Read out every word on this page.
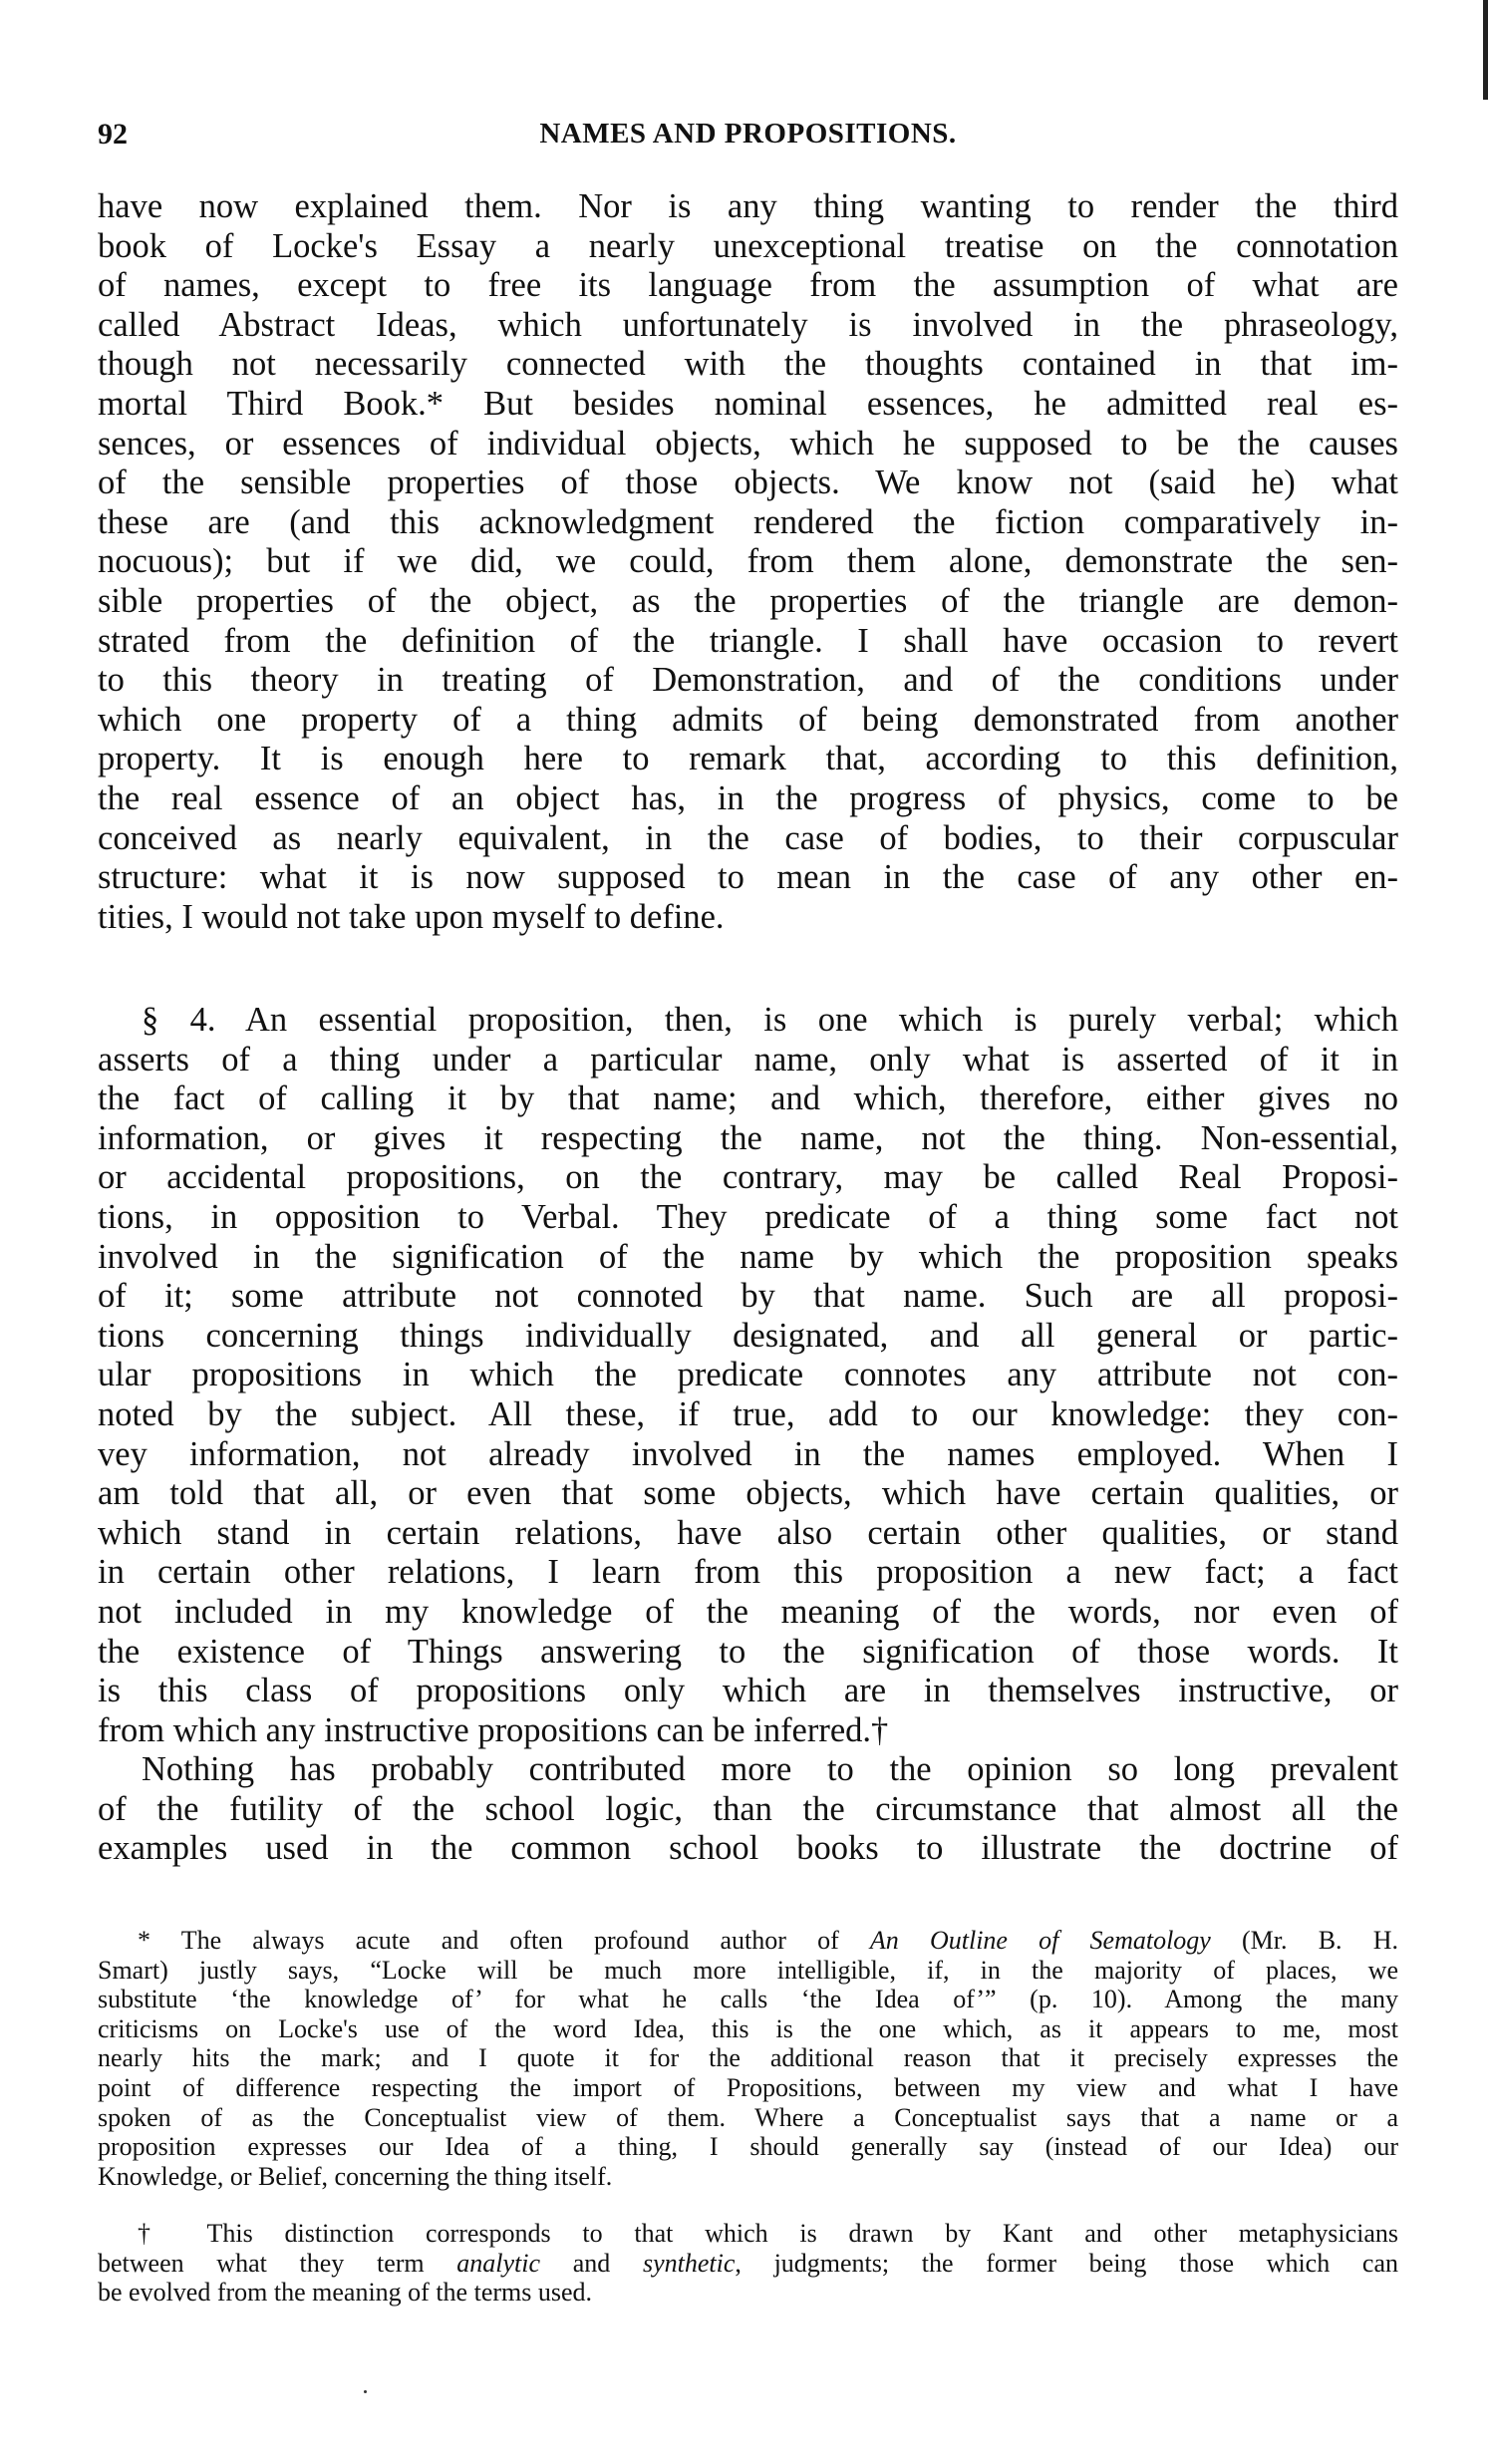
92	NAMES AND PROPOSITIONS.
have now explained them. Nor is any thing wanting to render the third
book of Locke's Essay a nearly unexceptional treatise on the connotation
of names, except to free its language from the assumption of what are
called Abstract Ideas, which unfortunately is involved in the phraseology,
though not necessarily connected with the thoughts contained in that im-
mortal Third Book.* But besides nominal essences, he admitted real es-
sences, or essences of individual objects, which he supposed to be the causes
of the sensible properties of those objects. We know not (said he) what
these are (and this acknowledgment rendered the fiction comparatively in-
nocuous); but if we did, we could, from them alone, demonstrate the sen-
sible properties of the object, as the properties of the triangle are demon-
strated from the definition of the triangle. I shall have occasion to revert
to this theory in treating of Demonstration, and of the conditions under
which one property of a thing admits of being demonstrated from another
property. It is enough here to remark that, according to this definition,
the real essence of an object has, in the progress of physics, come to be
conceived as nearly equivalent, in the case of bodies, to their corpuscular
structure: what it is now supposed to mean in the case of any other en-
tities, I would not take upon myself to define.
§ 4. An essential proposition, then, is one which is purely verbal; which
asserts of a thing under a particular name, only what is asserted of it in
the fact of calling it by that name; and which, therefore, either gives no
information, or gives it respecting the name, not the thing. Non-essential,
or accidental propositions, on the contrary, may be called Real Proposi-
tions, in opposition to Verbal. They predicate of a thing some fact not
involved in the signification of the name by which the proposition speaks
of it; some attribute not connoted by that name. Such are all proposi-
tions concerning things individually designated, and all general or partic-
ular propositions in which the predicate connotes any attribute not con-
noted by the subject. All these, if true, add to our knowledge: they con-
vey information, not already involved in the names employed. When I
am told that all, or even that some objects, which have certain qualities, or
which stand in certain relations, have also certain other qualities, or stand
in certain other relations, I learn from this proposition a new fact; a fact
not included in my knowledge of the meaning of the words, nor even of
the existence of Things answering to the signification of those words. It
is this class of propositions only which are in themselves instructive, or
from which any instructive propositions can be inferred.†
Nothing has probably contributed more to the opinion so long prevalent
of the futility of the school logic, than the circumstance that almost all the
examples used in the common school books to illustrate the doctrine of
* The always acute and often profound author of An Outline of Sematology (Mr. B. H.
Smart) justly says, “Locke will be much more intelligible, if, in the majority of places, we
substitute ‘the knowledge of’ for what he calls ‘the Idea of’” (p. 10). Among the many
criticisms on Locke's use of the word Idea, this is the one which, as it appears to me, most
nearly hits the mark; and I quote it for the additional reason that it precisely expresses the
point of difference respecting the import of Propositions, between my view and what I have
spoken of as the Conceptualist view of them. Where a Conceptualist says that a name or a
proposition expresses our Idea of a thing, I should generally say (instead of our Idea) our
Knowledge, or Belief, concerning the thing itself.
† This distinction corresponds to that which is drawn by Kant and other metaphysicians
between what they term analytic and synthetic, judgments; the former being those which can
be evolved from the meaning of the terms used.
